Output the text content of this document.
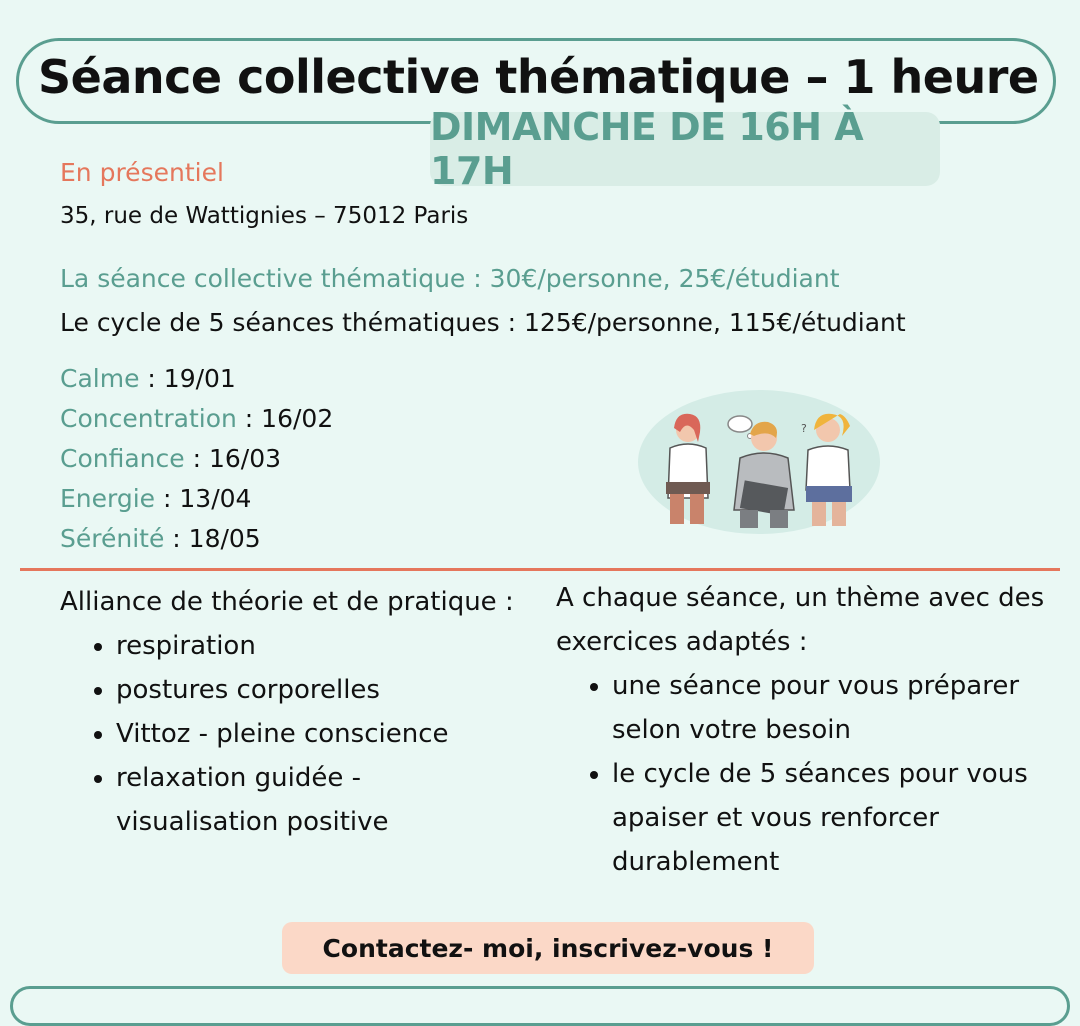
Séance collective thématique – 1 heure
DIMANCHE DE 16H À 17H
En présentiel
35, rue de Wattignies – 75012 Paris
La séance collective thématique : 30€/personne, 25€/étudiant
Le cycle de 5 séances thématiques : 125€/personne, 115€/étudiant
Calme : 19/01
Concentration : 16/02
Confiance : 16/03
Energie : 13/04
Sérénité : 18/05
?

Alliance de théorie et de pratique :

• respiration
• postures corporelles
• Vittoz - pleine conscience
• relaxation guidée - visualisation positive

A chaque séance, un thème avec des exercices adaptés :

• une séance pour vous préparer selon votre besoin
• le cycle de 5 séances pour vous apaiser et vous renforcer durablement
Contactez- moi, inscrivez-vous !
